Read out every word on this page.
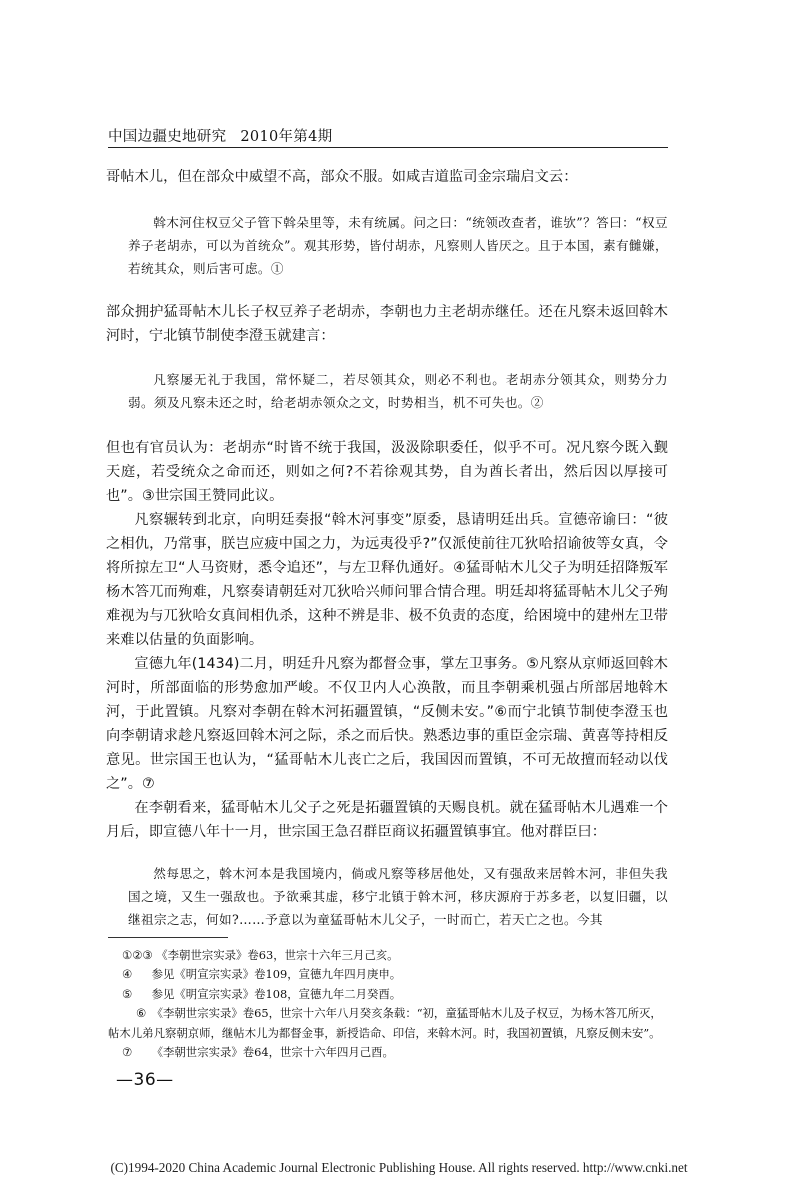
中国边疆史地研究 2010年第4期

哥帖木儿，但在部众中威望不高，部众不服。如咸吉道监司金宗瑞启文云：

斡木河住权豆父子管下斡朵里等，未有统属。问之曰：“统领改查者，谁欤”？答曰：“权豆养子老胡赤，可以为首统众”。观其形势，皆付胡赤，凡察则人皆厌之。且于本国，素有雠嫌，若统其众，则后害可虑。①

部众拥护猛哥帖木儿长子权豆养子老胡赤，李朝也力主老胡赤继任。还在凡察未返回斡木河时，宁北镇节制使李澄玉就建言：

凡察屡无礼于我国，常怀疑二，若尽领其众，则必不利也。老胡赤分领其众，则势分力弱。须及凡察未还之时，给老胡赤领众之文，时势相当，机不可失也。②

但也有官员认为：老胡赤“时皆不统于我国，汲汲除职委任，似乎不可。况凡察今既入觐天庭，若受统众之命而还，则如之何?不若徐观其势，自为酋长者出，然后因以厚接可也”。③世宗国王赞同此议。

凡察辗转到北京，向明廷奏报“斡木河事变”原委，恳请明廷出兵。宣德帝谕曰：“彼之相仇，乃常事，朕岂应疲中国之力，为远夷役乎?”仅派使前往兀狄哈招谕彼等女真，令将所掠左卫“人马资财，悉令追还”，与左卫释仇通好。④猛哥帖木儿父子为明廷招降叛军杨木答兀而殉难，凡察奏请朝廷对兀狄哈兴师问罪合情合理。明廷却将猛哥帖木儿父子殉难视为与兀狄哈女真间相仇杀，这种不辨是非、极不负责的态度，给困境中的建州左卫带来难以估量的负面影响。

宣德九年(1434)二月，明廷升凡察为都督佥事，掌左卫事务。⑤凡察从京师返回斡木河时，所部面临的形势愈加严峻。不仅卫内人心涣散，而且李朝乘机强占所部居地斡木河，于此置镇。凡察对李朝在斡木河拓疆置镇，“反侧未安。”⑥而宁北镇节制使李澄玉也向李朝请求趁凡察返回斡木河之际，杀之而后快。熟悉边事的重臣金宗瑞、黄喜等持相反意见。世宗国王也认为，“猛哥帖木儿丧亡之后，我国因而置镇，不可无故擅而轻动以伐之”。⑦

在李朝看来，猛哥帖木儿父子之死是拓疆置镇的天赐良机。就在猛哥帖木儿遇难一个月后，即宣德八年十一月，世宗国王急召群臣商议拓疆置镇事宜。他对群臣曰：

然每思之，斡木河本是我国境内，倘或凡察等移居他处，又有强敌来居斡木河，非但失我国之境，又生一强敌也。予欲乘其虚，移宁北镇于斡木河，移庆源府于苏多老，以复旧疆，以继祖宗之志，何如?……予意以为童猛哥帖木儿父子，一时而亡，若天亡之也。今其

①②③ 《李朝世宗实录》卷63，世宗十六年三月己亥。

④ 参见《明宣宗实录》卷109，宣德九年四月庚申。

⑤ 参见《明宣宗实录》卷108，宣德九年二月癸酉。

⑥ 《李朝世宗实录》卷65，世宗十六年八月癸亥条载：“初，童猛哥帖木儿及子权豆，为杨木答兀所灭，帖木儿弟凡察朝京师，继帖木儿为都督金事，新授诰命、印信，来斡木河。时，我国初置镇，凡察反侧未安”。

⑦ 《李朝世宗实录》卷64，世宗十六年四月己酉。

—36—
(C)1994-2020 China Academic Journal Electronic Publishing House. All rights reserved. http://www.cnki.net
